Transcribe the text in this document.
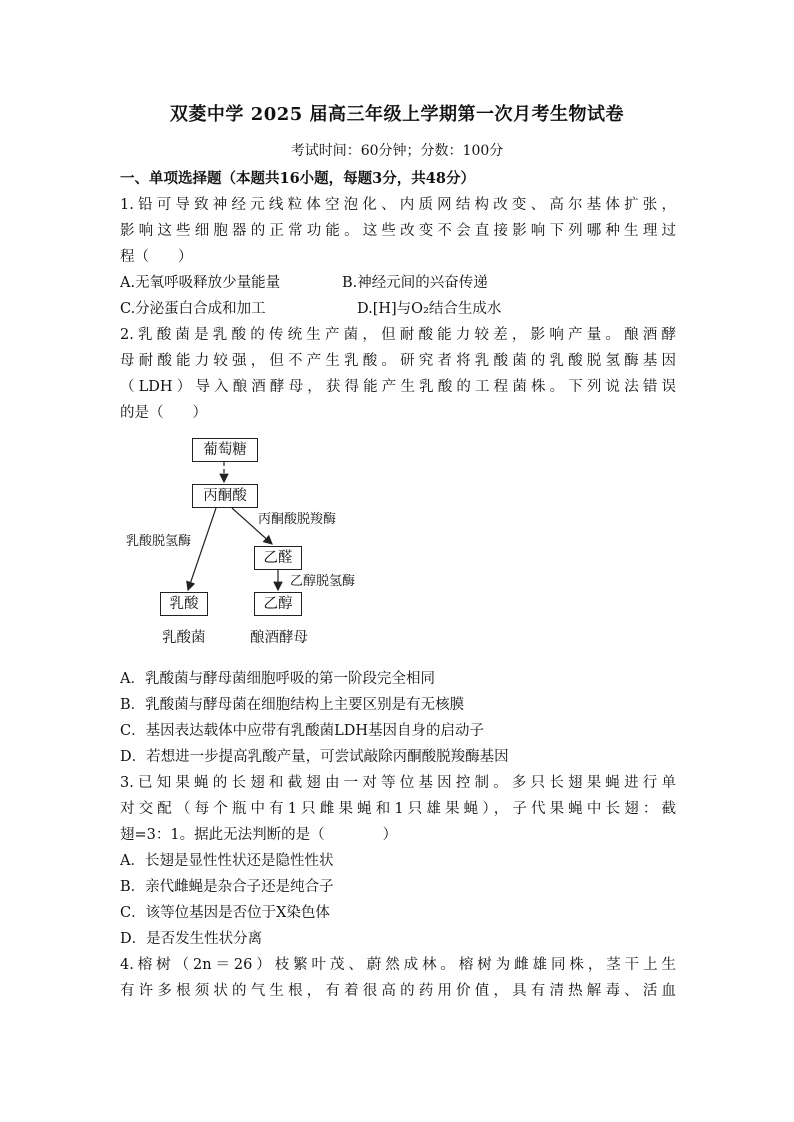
双菱中学 2025 届高三年级上学期第一次月考生物试卷
考试时间：60分钟；分数：100分
一、单项选择题（本题共16小题，每题3分，共48分）
1.铅可导致神经元线粒体空泡化、内质网结构改变、高尔基体扩张，
影响这些细胞器的正常功能。这些改变不会直接影响下列哪种生理过
程（　　）
A.无氧呼吸释放少量能量	B.神经元间的兴奋传递
C.分泌蛋白合成和加工	D.[H]与O₂结合生成水
2.乳酸菌是乳酸的传统生产菌，但耐酸能力较差，影响产量。酿酒酵
母耐酸能力较强，但不产生乳酸。研究者将乳酸菌的乳酸脱氢酶基因
（LDH）导入酿酒酵母，获得能产生乳酸的工程菌株。下列说法错误
的是（　　）
葡萄糖
丙酮酸
乙醛
乳酸	乙醇
乳酸脱氢酶
丙酮酸脱羧酶
乙醇脱氢酶
乳酸菌	酿酒酵母
A．乳酸菌与酵母菌细胞呼吸的第一阶段完全相同
B．乳酸菌与酵母菌在细胞结构上主要区别是有无核膜
C．基因表达载体中应带有乳酸菌LDH基因自身的启动子
D．若想进一步提高乳酸产量，可尝试敲除丙酮酸脱羧酶基因
3.已知果蝇的长翅和截翅由一对等位基因控制。多只长翅果蝇进行单
对交配（每个瓶中有1只雌果蝇和1只雄果蝇），子代果蝇中长翅：截
翅=3：1。据此无法判断的是（　　　　）
A．长翅是显性性状还是隐性性状
B．亲代雌蝇是杂合子还是纯合子
C．该等位基因是否位于X染色体
D．是否发生性状分离
4.榕树（2n＝26）枝繁叶茂、蔚然成林。榕树为雌雄同株，茎干上生
有许多根须状的气生根，有着很高的药用价值，具有清热解毒、活血
